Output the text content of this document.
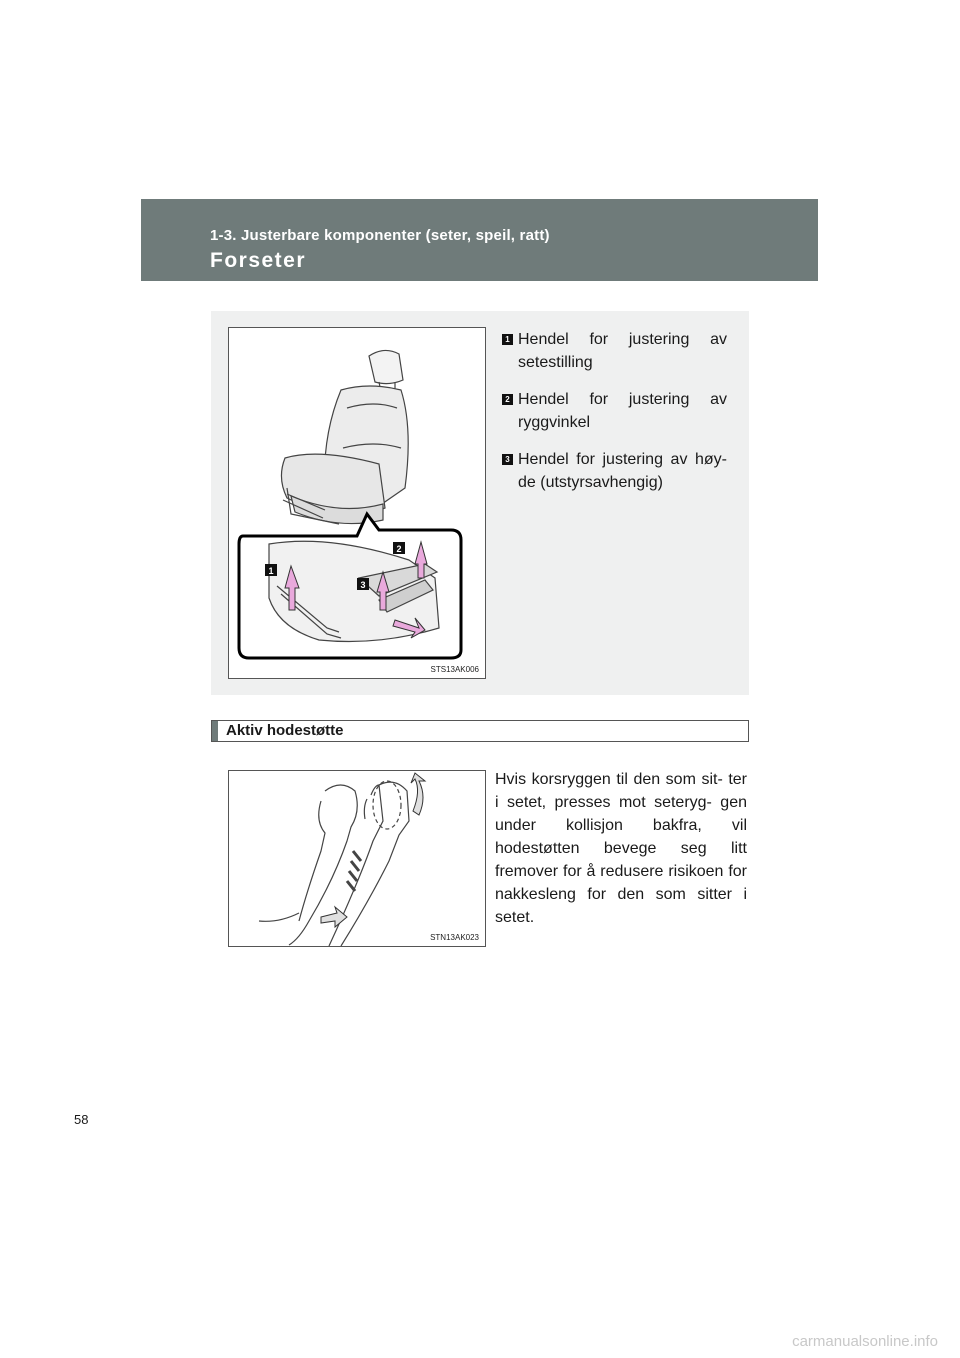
1-3. Justerbare komponenter (seter, speil, ratt)
Forseter
1
2
3
STS13AK006
1 Hendel for justering av setestilling
2 Hendel for justering av ryggvinkel
3 Hendel for justering av høy- de (utstyrsavhengig)
Aktiv hodestøtte
STN13AK023
Hvis korsryggen til den som sit- ter i setet, presses mot seteryg- gen under kollisjon bakfra, vil hodestøtten bevege seg litt fremover for å redusere risikoen for nakkesleng for den som sitter i setet.
58
carmanualsonline.info
